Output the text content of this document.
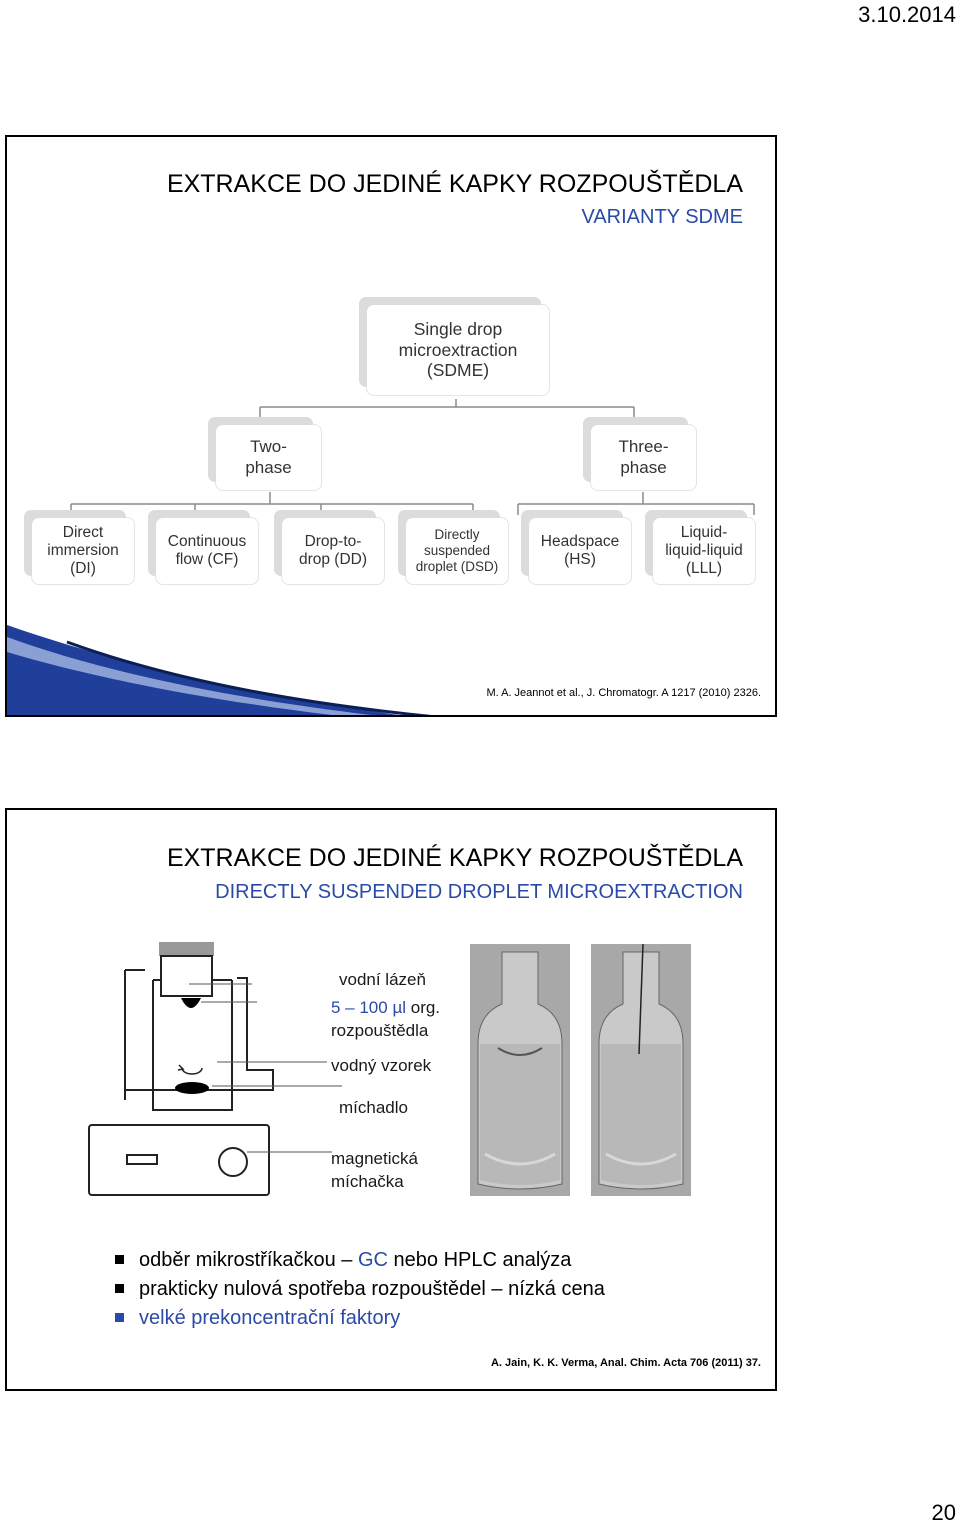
3.10.2014
EXTRAKCE DO JEDINÉ KAPKY ROZPOUŠTĚDLA
VARIANTY SDME
Single drop
microextraction
(SDME)
Two-
phase
Three-
phase
Direct
immersion
(DI)
Continuous
flow (CF)
Drop-to-
drop (DD)
Directly
suspended
droplet (DSD)
Headspace
(HS)
Liquid-
liquid-liquid
(LLL)
M. A. Jeannot et al., J. Chromatogr. A 1217 (2010) 2326.
EXTRAKCE DO JEDINÉ KAPKY ROZPOUŠTĚDLA
DIRECTLY SUSPENDED DROPLET MICROEXTRACTION
vodní lázeň
5 – 100 µl org.
rozpouštědla
vodný vzorek
míchadlo
magnetická
míchačka
odběr mikrostříkačkou – GC nebo HPLC analýza
prakticky nulová spotřeba rozpouštědel – nízká cena
velké prekoncentrační faktory
A. Jain, K. K. Verma, Anal. Chim. Acta 706 (2011) 37.
20
